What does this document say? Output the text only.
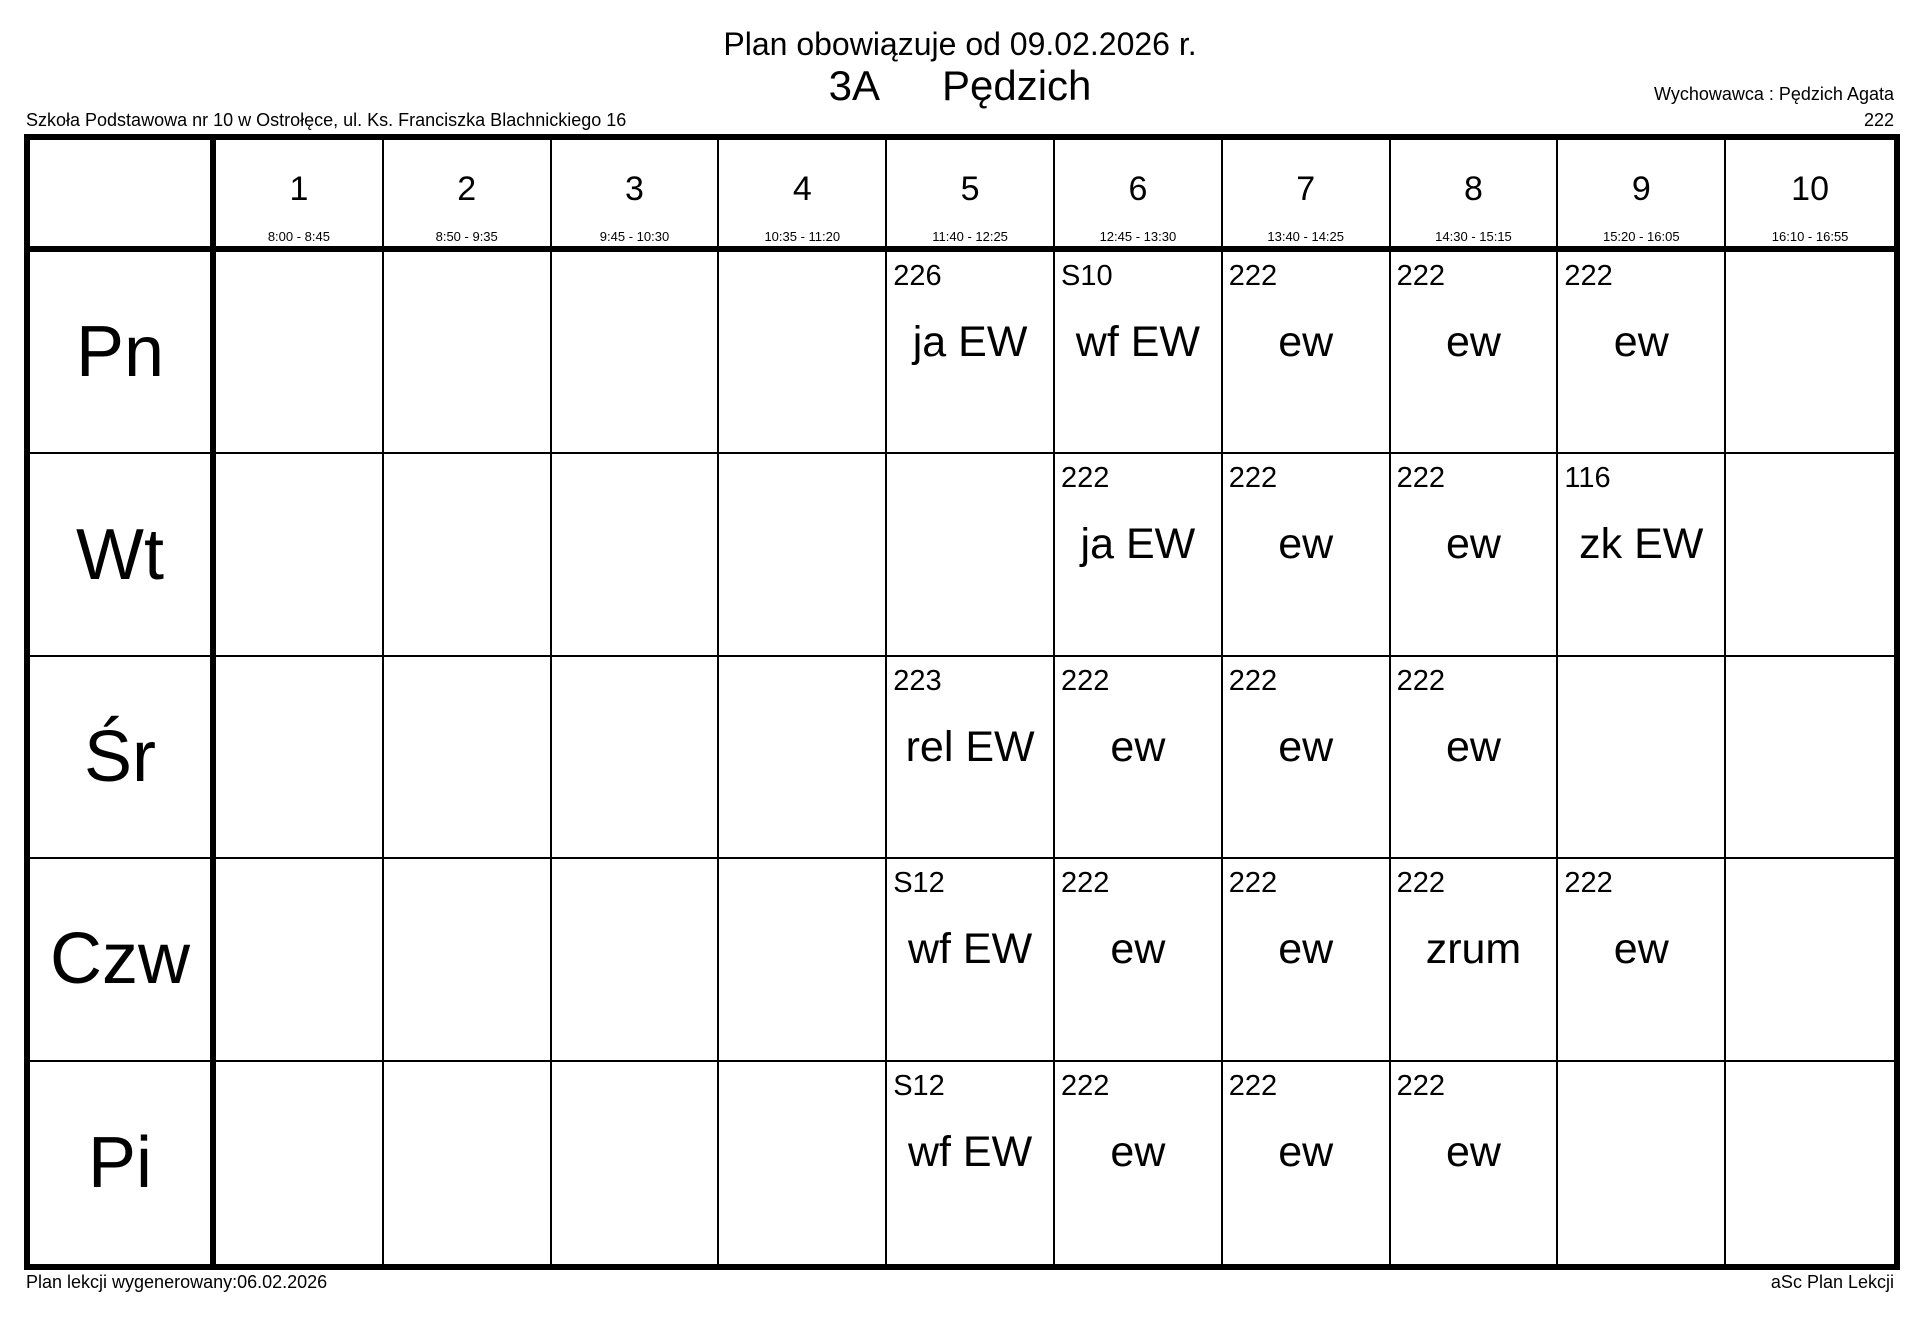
Plan obowiązuje od 09.02.2026 r.
3A Pędzich
Szkoła Podstawowa nr 10 w Ostrołęce, ul. Ks. Franciszka Blachnickiego 16
Wychowawca : Pędzich Agata
222
1
8:00 - 8:45
2
8:50 - 9:35
3
9:45 - 10:30
4
10:35 - 11:20
5
11:40 - 12:25
6
12:45 - 13:30
7
13:40 - 14:25
8
14:30 - 15:15
9
15:20 - 16:05
10
16:10 - 16:55
Pn
226
ja EW
S10
wf EW
222
ew
222
ew
222
ew
Wt
222
ja EW
222
ew
222
ew
116
zk EW
Śr
223
rel EW
222
ew
222
ew
222
ew
Czw
S12
wf EW
222
ew
222
ew
222
zrum
222
ew
Pi
S12
wf EW
222
ew
222
ew
222
ew
Plan lekcji wygenerowany:06.02.2026	aSc Plan Lekcji
